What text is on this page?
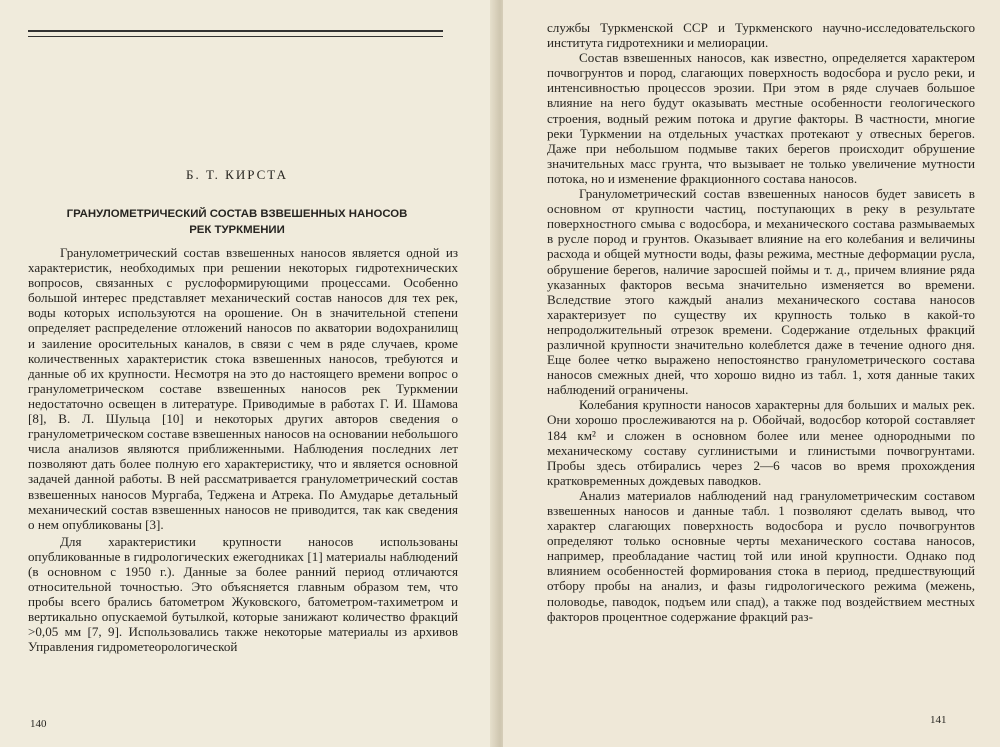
Б. Т. КИРСТА
ГРАНУЛОМЕТРИЧЕСКИЙ СОСТАВ ВЗВЕШЕННЫХ НАНОСОВ
РЕК ТУРКМЕНИИ

Гранулометрический состав взвешенных наносов является одной из характеристик, необходимых при решении некоторых гидротехнических вопросов, связанных с руслоформирующими процессами. Особенно большой интерес представляет механический состав наносов для тех рек, воды которых используются на орошение. Он в значительной степени определяет распределение отложений наносов по акватории водохранилищ и заиление оросительных каналов, в связи с чем в ряде случаев, кроме количественных характеристик стока взвешенных наносов, требуются и данные об их крупности. Несмотря на это до настоящего времени вопрос о гранулометрическом составе взвешенных наносов рек Туркмении недостаточно освещен в литературе. Приводимые в работах Г. И. Шамова [8], В. Л. Шульца [10] и некоторых других авторов сведения о гранулометрическом составе взвешенных наносов на основании небольшого числа анализов являются приближенными. Наблюдения последних лет позволяют дать более полную его характеристику, что и является основной задачей данной работы. В ней рассматривается гранулометрический состав взвешенных наносов Мургаба, Теджена и Атрека. По Амударье детальный механический состав взвешенных наносов не приводится, так как сведения о нем опубликованы [3].

Для характеристики крупности наносов использованы опубликованные в гидрологических ежегодниках [1] материалы наблюдений (в основном с 1950 г.). Данные за более ранний период отличаются относительной точностью. Это объясняется главным образом тем, что пробы всего брались батометром Жуковского, батометром-тахиметром и вертикально опускаемой бутылкой, которые занижают количество фракций >0,05 мм [7, 9]. Использовались также некоторые материалы из архивов Управления гидрометеорологической

140

службы Туркменской ССР и Туркменского научно-исследовательского института гидротехники и мелиорации.

Состав взвешенных наносов, как известно, определяется характером почвогрунтов и пород, слагающих поверхность водосбора и русло реки, и интенсивностью процессов эрозии. При этом в ряде случаев большое влияние на него будут оказывать местные особенности геологического строения, водный режим потока и другие факторы. В частности, многие реки Туркмении на отдельных участках протекают у отвесных берегов. Даже при небольшом подмыве таких берегов происходит обрушение значительных масс грунта, что вызывает не только увеличение мутности потока, но и изменение фракционного состава наносов.

Гранулометрический состав взвешенных наносов будет зависеть в основном от крупности частиц, поступающих в реку в результате поверхностного смыва с водосбора, и механического состава размываемых в русле пород и грунтов. Оказывает влияние на его колебания и величины расхода и общей мутности воды, фазы режима, местные деформации русла, обрушение берегов, наличие заросшей поймы и т. д., причем влияние ряда указанных факторов весьма значительно изменяется во времени. Вследствие этого каждый анализ механического состава наносов характеризует по существу их крупность только в какой-то непродолжительный отрезок времени. Содержание отдельных фракций различной крупности значительно колеблется даже в течение одного дня. Еще более четко выражено непостоянство гранулометрического состава наносов смежных дней, что хорошо видно из табл. 1, хотя данные таких наблюдений ограничены.

Колебания крупности наносов характерны для больших и малых рек. Они хорошо прослеживаются на р. Обойчай, водосбор которой составляет 184 км² и сложен в основном более или менее однородными по механическому составу суглинистыми и глинистыми почвогрунтами. Пробы здесь отбирались через 2—6 часов во время прохождения кратковременных дождевых паводков.

Анализ материалов наблюдений над гранулометрическим составом взвешенных наносов и данные табл. 1 позволяют сделать вывод, что характер слагающих поверхность водосбора и русло почвогрунтов определяют только основные черты механического состава наносов, например, преобладание частиц той или иной крупности. Однако под влиянием особенностей формирования стока в период, предшествующий отбору пробы на анализ, и фазы гидрологического режима (межень, половодье, паводок, подъем или спад), а также под воздействием местных факторов процентное содержание фракций раз-

141
